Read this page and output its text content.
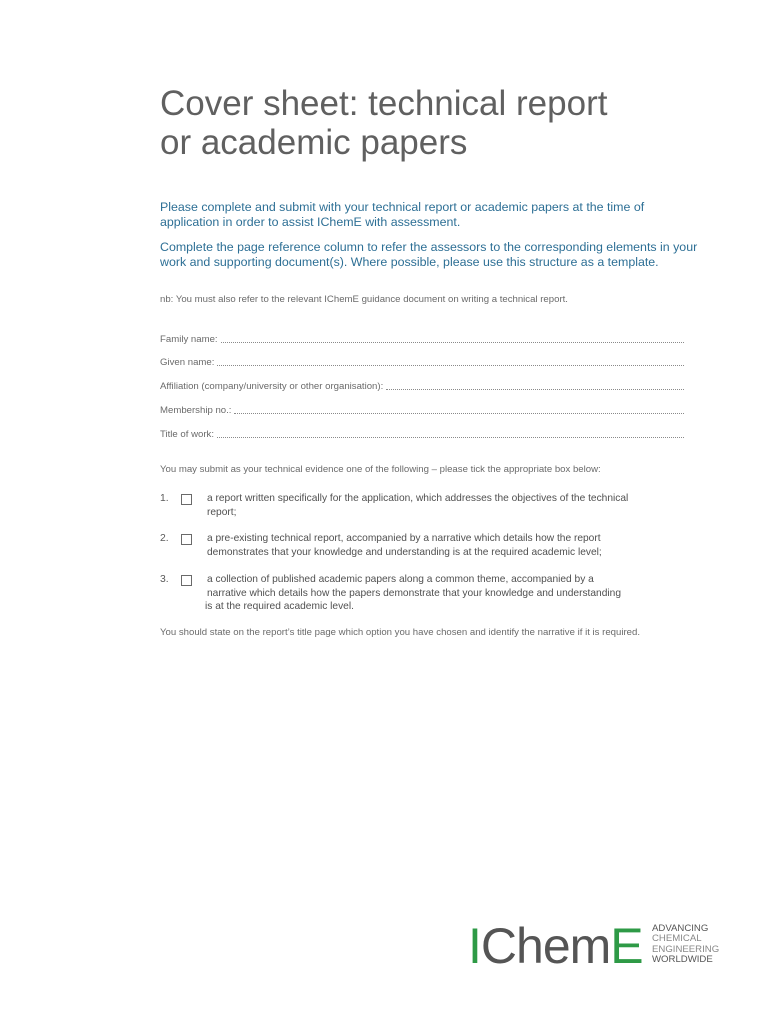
Cover sheet: technical report
or academic papers

Please complete and submit with your technical report or academic papers at the time of application in order to assist IChemE with assessment.

Complete the page reference column to refer the assessors to the corresponding elements in your work and supporting document(s). Where possible, please use this structure as a template.

nb: You must also refer to the relevant IChemE guidance document on writing a technical report.

Family name:
Given name:
Affiliation (company/university or other organisation):
Membership no.:
Title of work:

You may submit as your technical evidence one of the following – please tick the appropriate box below:

1.	a report written specifically for the application, which addresses the objectives of the technical
report;
2.	a pre-existing technical report, accompanied by a narrative which details how the report
demonstrates that your knowledge and understanding is at the required academic level;
3.	a collection of published academic papers along a common theme, accompanied by a
narrative which details how the papers demonstrate that your knowledge and understanding
is at the required academic level.

You should state on the report’s title page which option you have chosen and identify the narrative if it is required.

IChemE ADVANCING
CHEMICAL
ENGINEERING
WORLDWIDE
